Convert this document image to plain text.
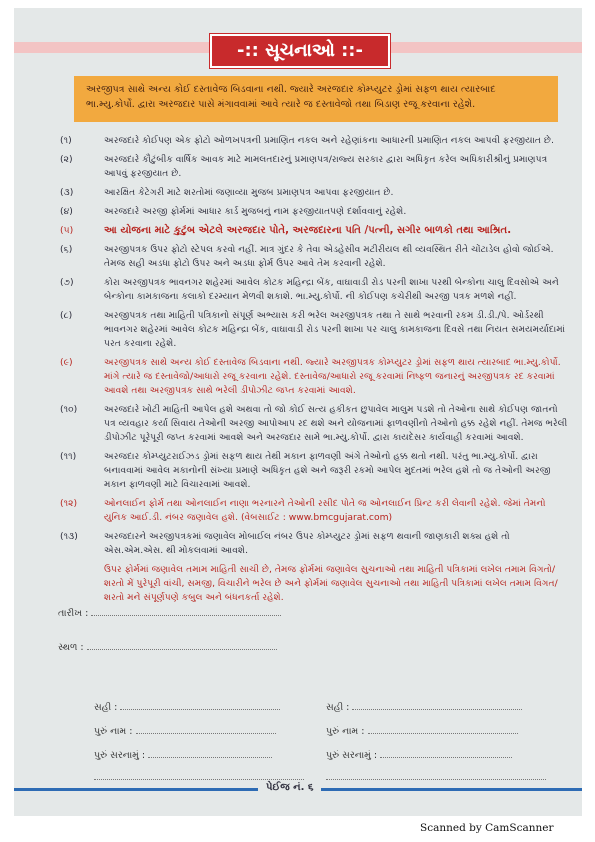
-:: સૂચનાઓ ::-
અરજીપત્ર સાથે અન્ય કોઈ દસ્તાવેજ બિડવાના નથી. જ્યારે અરજદાર કોમ્પ્યુટર ડ્રોમાં સફળ થાય ત્યારબાદ ભા.મ્યુ.કોર્પો. દ્વારા અરજદાર પાસે મંગાવવામાં આવે ત્યારે જ દસ્તાવેજો તથા બિડાણ રજૂ કરવાના રહેશે.
(૧)	અરજદારે કોઈપણ એક ફોટો ઓળખપત્રની પ્રમાણિત નકલ અને રહેણાંકના આધારની પ્રમાણિત નકલ આપવી ફરજીયાત છે.
(૨)	અરજદારે કૌટુંબીક વાર્ષિક આવક માટે મામલતદારનું પ્રમાણપત્ર/રાજ્ય સરકાર દ્વારા અધિકૃત કરેલ અધિકારીશ્રીનું પ્રમાણપત્ર આપવું ફરજીયાત છે.
(૩)	આરક્ષિત કેટેગરી માટે શરતોમાં જણાવ્યા મુજબ પ્રમાણપત્ર આપવા ફરજીયાત છે.
(૪)	અરજદારે અરજી ફોર્મમાં આધાર કાર્ડ મુજબનું નામ ફરજીયાતપણે દર્શાવવાનું રહેશે.
(૫)	આ યોજના માટે કુટુંબ એટલે અરજદાર પોતે, અરજદારના પતિ /પત્ની, સગીર બાળકો તથા આશ્રિત.
(૬)	અરજીપત્રક ઉપર ફોટો સ્ટેપલ કરવો નહીં. માત્ર ગુંદર કે તેવા એડહેસીવ મટીરીયલ થી વ્યવસ્થિત રીતે ચોંટાડેલ હોવો જોઈએ. તેમજ સહી અડધા ફોટો ઉપર અને અડધા ફોર્મ ઉપર આવે તેમ કરવાની રહેશે.
(૭)	કોરા અરજીપત્રક ભાવનગર શહેરમાં આવેલ કોટક મહિન્દ્રા બેંક, વાઘાવાડી રોડ પરની શાખા પરથી બેન્કોના ચાલુ દિવસોએ અને બેન્કોના કામકાજના કલાકો દરમ્યાન મેળવી શકાશે. ભા.મ્યુ.કોર્પો. ની કોઈપણ કચેરીથી અરજી પત્રક મળશે નહીં.
(૮)	અરજીપત્રક તથા માહિતી પત્રિકાનો સંપૂર્ણ અભ્યાસ કરી ભરેલ અરજીપત્રક તથા તે સાથે ભરવાની રકમ ડી.ડી./પે. ઓર્ડરથી ભાવનગર શહેરમાં આવેલ કોટક મહિન્દ્રા બેંક, વાઘાવાડી રોડ પરની શાખા પર ચાલુ કામકાજના દિવસે તથા નિયત સમયમર્યાદામાં પરત કરવાના રહેશે.
(૯)	અરજીપત્રક સાથે અન્ય કોઈ દસ્તાવેજ બિડવાના નથી. જ્યારે અરજીપત્રક કોમ્પ્યુટર ડ્રોમાં સફળ થાય ત્યારબાદ ભા.મ્યુ.કોર્પો. માંગે ત્યારે જ દસ્તાવેજો/આધારો રજૂ કરવાના રહેશે. દસ્તાવેજ/આધારો રજૂ કરવામાં નિષ્ફળ જનારનું અરજીપત્રક રદ કરવામાં આવશે તથા અરજીપત્રક સાથે ભરેલી ડીપોઝીટ જપ્ત કરવામાં આવશે.
(૧૦)	અરજદારે ખોટી માહિતી આપેલ હશે અથવા તો જો કોઈ સત્ય હકીકત છુપાવેલ માલુમ પડશે તો તેઓના સાથે કોઈપણ જાતનો પત્ર વ્યવહાર કર્યા સિવાય તેઓની અરજી આપોઆપ રદ થશે અને યોજનામાં ફાળવણીનો તેઓનો હક્ક રહેશે નહીં. તેમજ ભરેલી ડીપોઝીટ પૂરેપૂરી જપ્ત કરવામાં આવશે અને અરજદાર સામે ભા.મ્યુ.કોર્પો. દ્વારા કાયદેસર કાર્યવાહી કરવામાં આવશે.
(૧૧)	અરજદાર કોમ્પ્યુટરાઈઝડ ડ્રોમાં સફળ થાય તેથી મકાન ફાળવણી અંગે તેઓનો હક્ક થતો નથી. પરંતુ ભા.મ્યુ.કોર્પો. દ્વારા બનાવવામાં આવેલ મકાનોની સંખ્યા પ્રમાણે અધિકૃત હશે અને જરૂરી રકમો આપેલ મુદતમાં ભરેલ હશે તો જ તેઓની અરજી મકાન ફાળવણી માટે વિચારવામાં આવશે.
(૧૨)	ઓનલાઈન ફોર્મ તથા ઓનલાઈન નાણા ભરનારને તેઓની રસીદ પોતે જ ઓનલાઈન પ્રિન્ટ કરી લેવાની રહેશે. જેમાં તેમનો યુનિક આઈ.ડી. નંબર જણાવેલ હશે. (વેબસાઈટ : www.bmcgujarat.com)
(૧૩)	અરજદારને અરજીપત્રકમાં જણાવેલ મોબાઈલ નંબર ઉપર કોમ્પ્યુટર ડ્રોમાં સફળ થવાની જાણકારી શક્ય હશે તો એસ.એમ.એસ. થી મોકલવામાં આવશે.
ઉપર ફોર્મમાં જણાવેલ તમામ માહિતી સાચી છે, તેમજ ફોર્મમાં જણાવેલ સુચનાઓ તથા માહિતી પત્રિકામાં લખેલ તમામ વિગતો/શરતો મેં પુરેપૂરી વાંચી, સમજી, વિચારીને ભરેલ છે અને ફોર્મમાં જણાવેલ સુચનાઓ તથા માહિતી પત્રિકામાં લખેલ તમામ વિગત/શરતો મને સંપૂર્ણપણે કબુલ અને બંધનકર્તા રહેશે.
તારીખ :
સ્થળ :
સહી :
પુરું નામ :
પુરું સરનામું :
સહી :
પુરું નામ :
પુરું સરનામું :
પેઈજ નં. ૬
Scanned by CamScanner
